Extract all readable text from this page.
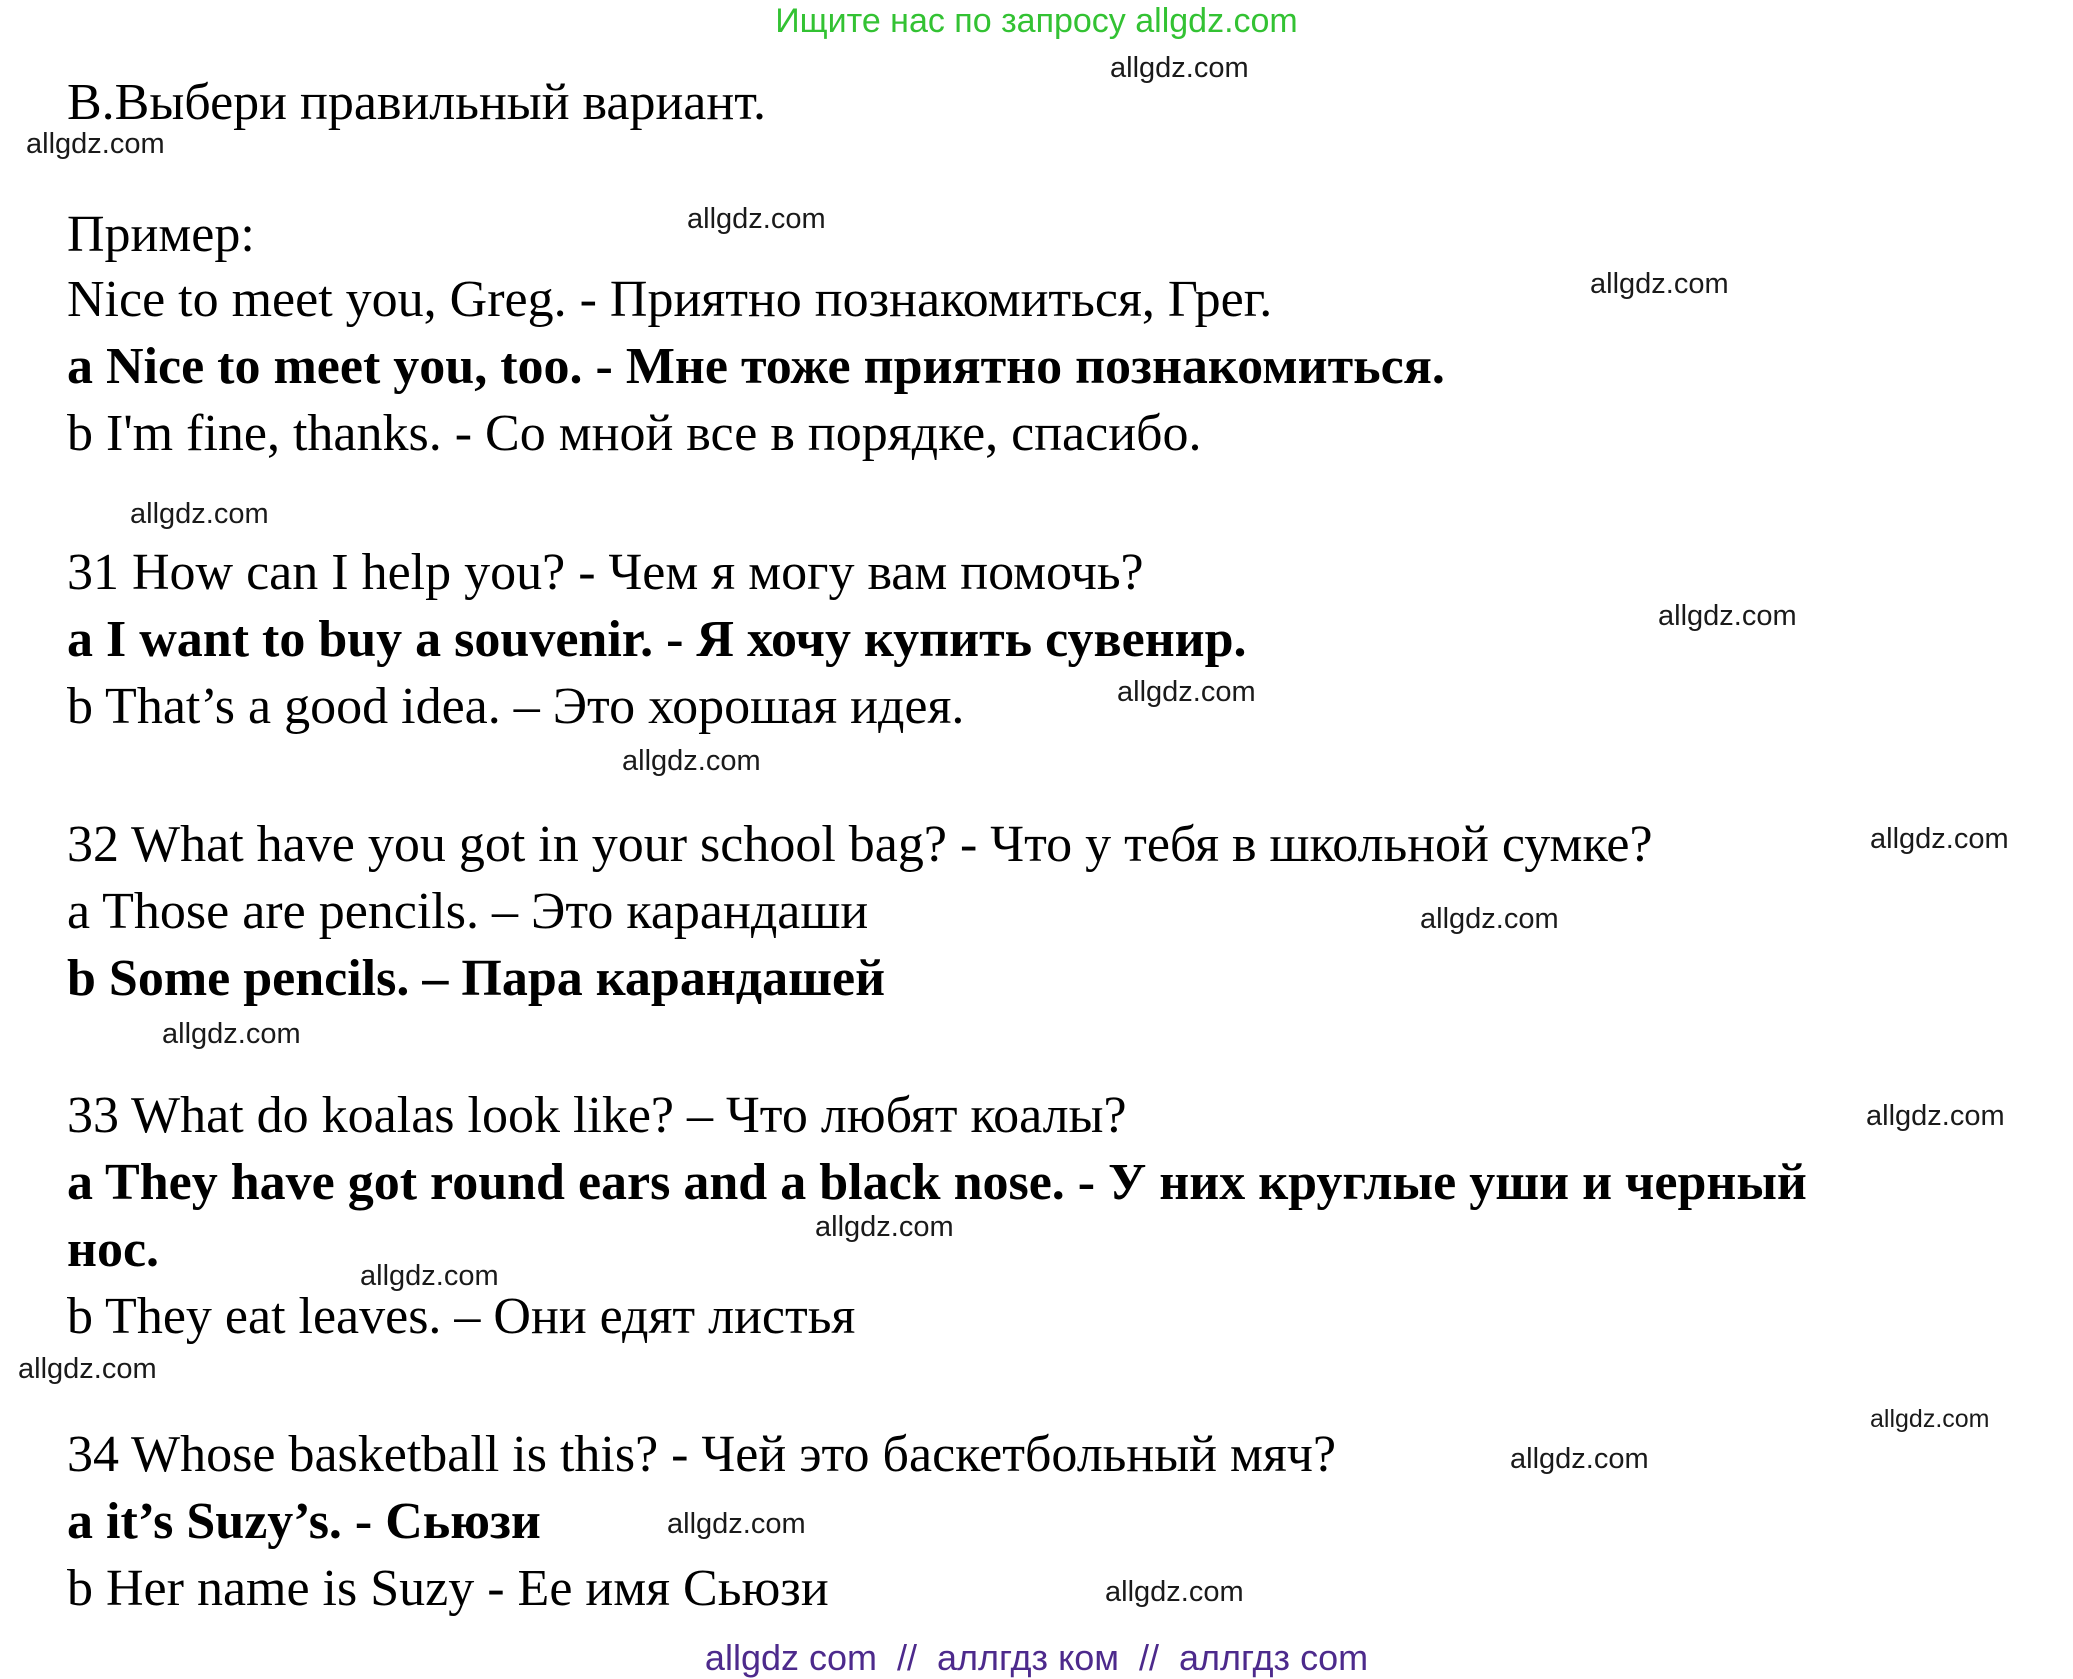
Ищите нас по запросу allgdz.com
B.Выбери правильный вариант.
Пример:
Nice to meet you, Greg. - Приятно познакомиться, Грег.
a Nice to meet you, too. - Мне тоже приятно познакомиться.
b I'm fine, thanks. - Со мной все в порядке, спасибо.
31 How can I help you? - Чем я могу вам помочь?
a I want to buy a souvenir. - Я хочу купить сувенир.
b That’s a good idea. – Это хорошая идея.
32 What have you got in your school bag? - Что у тебя в школьной сумке?
a Those are pencils. – Это карандаши
b Some pencils. – Пара карандашей
33 What do koalas look like? – Что любят коалы?
a They have got round ears and a black nose. - У них круглые уши и черный
нос.
b They eat leaves. – Они едят листья
34 Whose basketball is this? - Чей это баскетбольный мяч?
a it’s Suzy’s. - Сьюзи
b Her name is Suzy - Ее имя Сьюзи
allgdz.com
allgdz.com
allgdz.com
allgdz.com
allgdz.com
allgdz.com
allgdz.com
allgdz.com
allgdz.com
allgdz.com
allgdz.com
allgdz.com
allgdz.com
allgdz.com
allgdz.com
allgdz.com
allgdz.com
allgdz.com
allgdz.com
allgdz com  //  аллгдз ком  //  аллгдз com
